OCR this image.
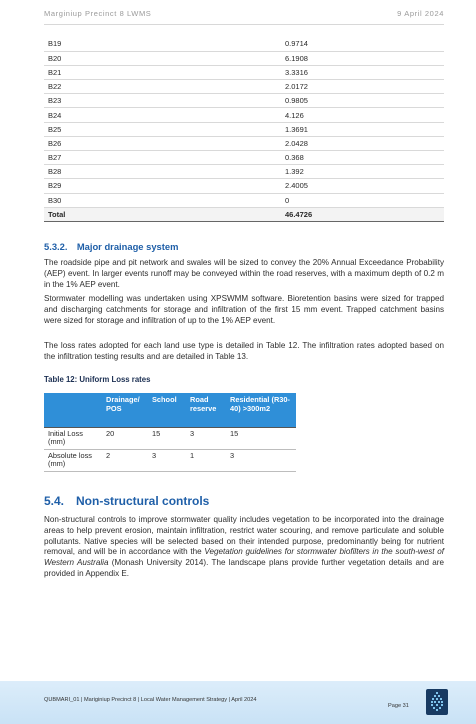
Marginiup Precinct 8 LWMS	9 April 2024
B19	0.9714
B20	6.1908
B21	3.3316
B22	2.0172
B23	0.9805
B24	4.126
B25	1.3691
B26	2.0428
B27	0.368
B28	1.392
B29	2.4005
B30	0
Total	46.4726
5.3.2. Major drainage system

The roadside pipe and pit network and swales will be sized to convey the 20% Annual Exceedance Probability (AEP) event. In larger events runoff may be conveyed within the road reserves, with a maximum depth of 0.2 m in the 1% AEP event.

Stormwater modelling was undertaken using XPSWMM software. Bioretention basins were sized for trapped and discharging catchments for storage and infiltration of the first 15 mm event. Trapped catchment basins were sized for storage and infiltration of up to the 1% AEP event.

The loss rates adopted for each land use type is detailed in Table 12. The infiltration rates adopted based on the infiltration testing results and are detailed in Table 13.

Table 12: Uniform Loss rates
	Drainage/ POS	School	Road reserve	Residential (R30-40) >300m2
Initial Loss (mm)	20	15	3	15
Absolute loss (mm)	2	3	1	3
5.4. Non-structural controls

Non-structural controls to improve stormwater quality includes vegetation to be incorporated into the drainage areas to help prevent erosion, maintain infiltration, restrict water scouring, and remove particulate and soluble pollutants. Native species will be selected based on their intended purpose, predominantly being for nutrient removal, and will be in accordance with the Vegetation guidelines for stormwater biofilters in the south-west of Western Australia (Monash University 2014). The landscape plans provide further vegetation details and are provided in Appendix E.

QUBMARI_01 | Mariginiup Precinct 8 | Local Water Management Strategy | April 2024
Page 31
